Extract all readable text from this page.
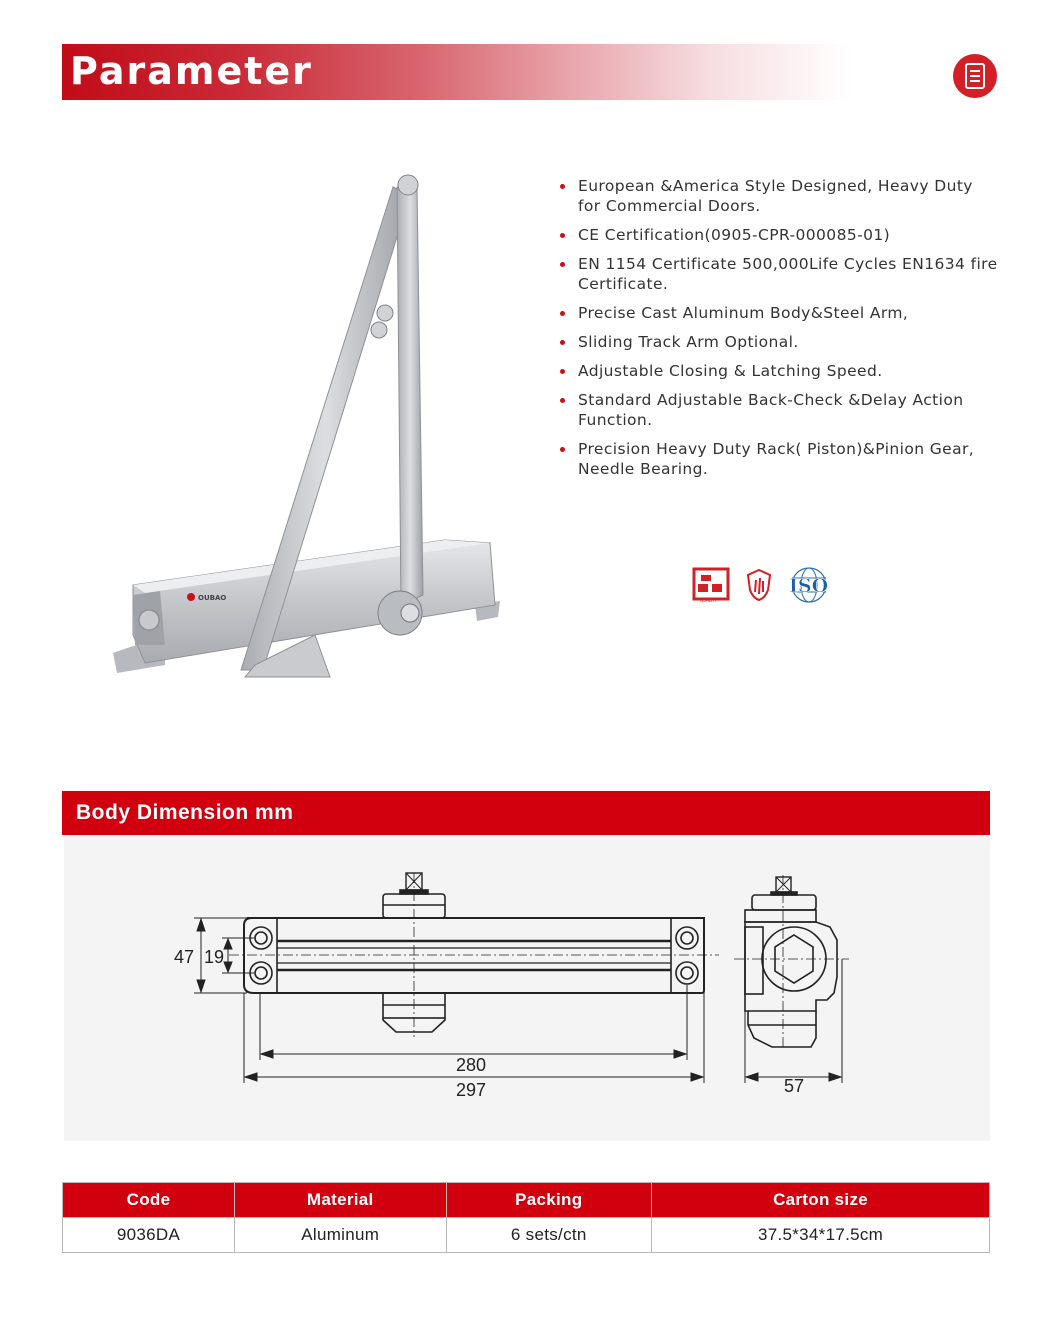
Parameter
OUBAO
European &America Style Designed, Heavy Duty for Commercial Doors.
CE Certification(0905-CPR-000085-01)
EN 1154 Certificate 500,000Life Cycles EN1634 fire Certificate.
Precise Cast Aluminum Body&Steel Arm,
Sliding Track Arm Optional.
Adjustable Closing & Latching Speed.
Standard Adjustable Back-Check &Delay Action Function.
Precision Heavy Duty Rack( Piston)&Pinion Gear, Needle Bearing.
QUALITY
ISO
Body Dimension mm
47 19
280
297	57
Code	Material	Packing	Carton size
9036DA	Aluminum	6 sets/ctn	37.5*34*17.5cm
